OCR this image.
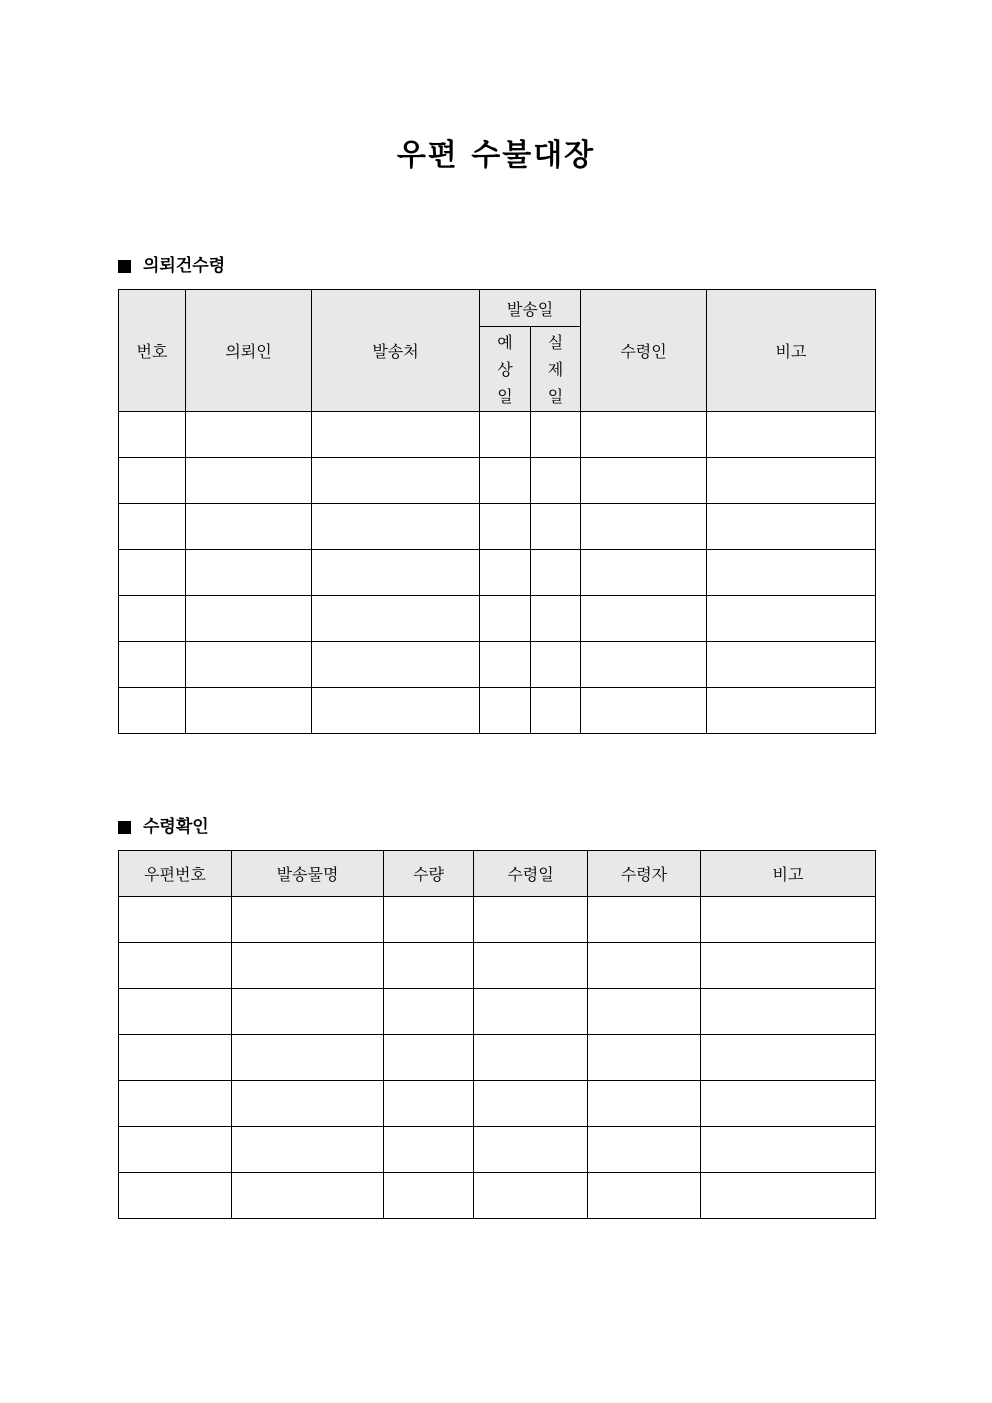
우편 수불대장
의뢰건수령
번호	의뢰인	발송처	발송일		수령인	비고
			예상일	실제일		

수령확인
우편번호	발송물명	수량	수령일	수령자	비고
